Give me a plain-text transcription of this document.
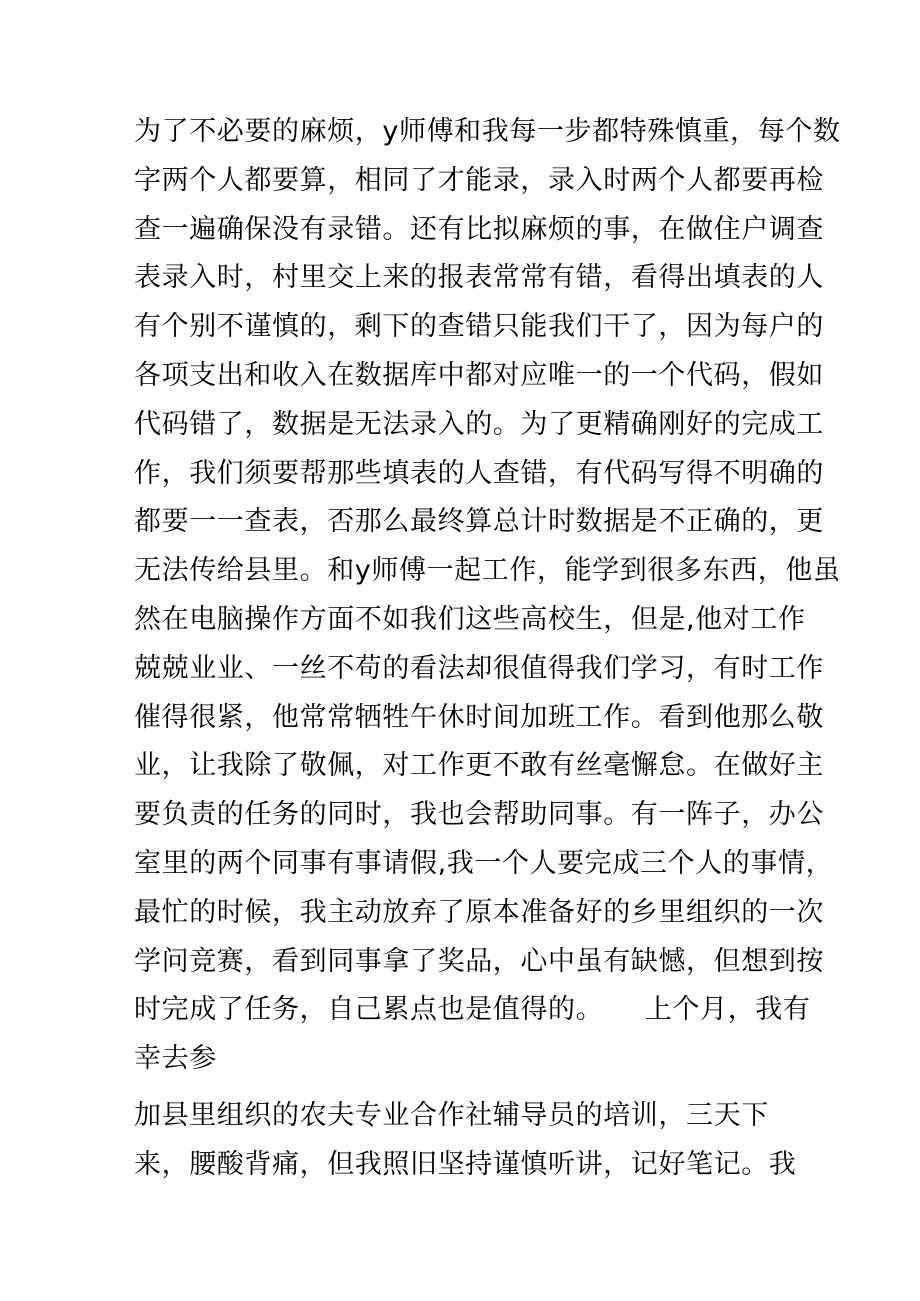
为了不必要的麻烦，y师傅和我每一步都特殊慎重，每个数
字两个人都要算，相同了才能录，录入时两个人都要再检
查一遍确保没有录错。还有比拟麻烦的事，在做住户调查
表录入时，村里交上来的报表常常有错，看得出填表的人
有个别不谨慎的，剩下的查错只能我们干了，因为每户的
各项支出和收入在数据库中都对应唯一的一个代码，假如
代码错了，数据是无法录入的。为了更精确刚好的完成工
作，我们须要帮那些填表的人查错，有代码写得不明确的
都要一一查表，否那么最终算总计时数据是不正确的，更
无法传给县里。和y师傅一起工作，能学到很多东西，他虽
然在电脑操作方面不如我们这些高校生，但是,他对工作
兢兢业业、一丝不苟的看法却很值得我们学习，有时工作
催得很紧，他常常牺牲午休时间加班工作。看到他那么敬
业，让我除了敬佩，对工作更不敢有丝毫懈怠。在做好主
要负责的任务的同时，我也会帮助同事。有一阵子，办公
室里的两个同事有事请假,我一个人要完成三个人的事情，
最忙的时候，我主动放弃了原本准备好的乡里组织的一次
学问竞赛，看到同事拿了奖品，心中虽有缺憾，但想到按
时完成了任务，自己累点也是值得的。　　上个月，我有
幸去参
加县里组织的农夫专业合作社辅导员的培训，三天下
来，腰酸背痛，但我照旧坚持谨慎听讲，记好笔记。我
